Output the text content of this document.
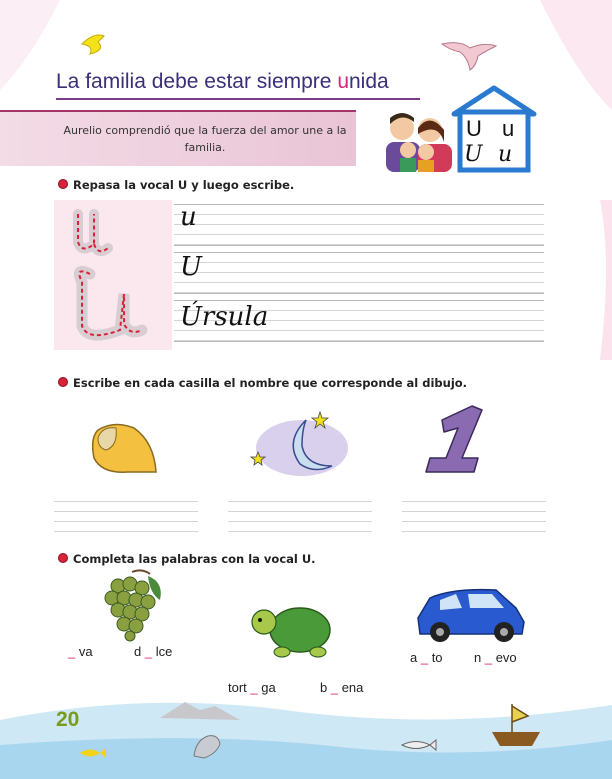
La familia debe estar siempre unida
Aurelio comprendió que la fuerza del amor une a la familia.
U u
U u
Repasa la vocal U y luego escribe.
u
U
Úrsula
Escribe en cada casilla el nombre que corresponde al dibujo.
Completa las palabras con la vocal U.
_ va	d _ lce
tort _ ga	b _ ena
a _ to n _ evo
20
